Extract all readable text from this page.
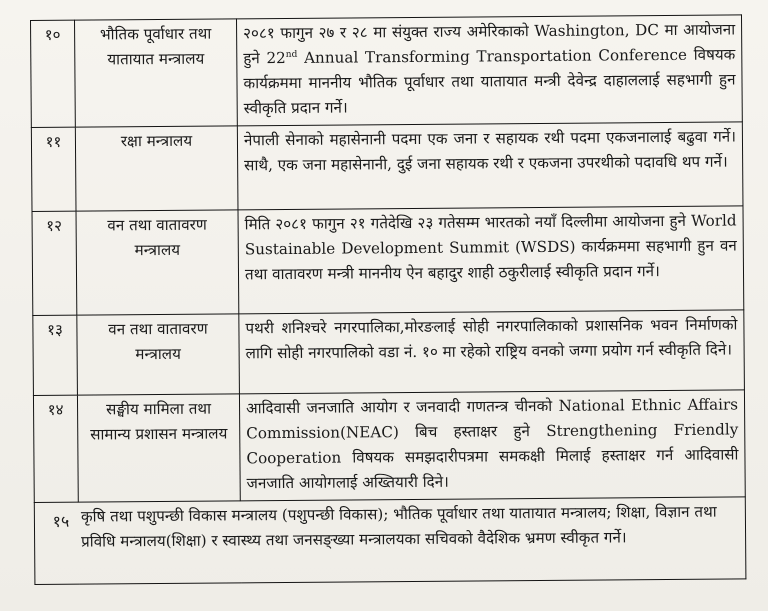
१०	भौतिक पूर्वाधार तथा यातायात मन्त्रालय	२०८१ फागुन २७ र २८ मा संयुक्त राज्य अमेरिकाको Washington, DC मा आयोजना हुने 22nd Annual Transforming Transportation Conference विषयक कार्यक्रममा माननीय भौतिक पूर्वाधार तथा यातायात मन्त्री देवेन्द्र दाहाललाई सहभागी हुन स्वीकृति प्रदान गर्ने।
११	रक्षा मन्त्रालय	नेपाली सेनाको महासेनानी पदमा एक जना र सहायक रथी पदमा एकजनालाई बढुवा गर्ने। साथै, एक जना महासेनानी, दुई जना सहायक रथी र एकजना उपरथीको पदावधि थप गर्ने।
१२	वन तथा वातावरण मन्त्रालय	मिति २०८१ फागुन २१ गतेदेखि २३ गतेसम्म भारतको नयाँ दिल्लीमा आयोजना हुने World Sustainable Development Summit (WSDS) कार्यक्रममा सहभागी हुन वन तथा वातावरण मन्त्री माननीय ऐन बहादुर शाही ठकुरीलाई स्वीकृति प्रदान गर्ने।
१३	वन तथा वातावरण मन्त्रालय	पथरी शनिश्चरे नगरपालिका,मोरङलाई सोही नगरपालिकाको प्रशासनिक भवन निर्माणको लागि सोही नगरपालिको वडा नं. १० मा रहेको राष्ट्रिय वनको जग्गा प्रयोग गर्न स्वीकृति दिने।
१४	सङ्घीय मामिला तथा सामान्य प्रशासन मन्त्रालय	आदिवासी जनजाति आयोग र जनवादी गणतन्त्र चीनको National Ethnic Affairs Commission(NEAC) बिच हस्ताक्षर हुने Strengthening Friendly Cooperation विषयक समझदारीपत्रमा समकक्षी मिलाई हस्ताक्षर गर्न आदिवासी जनजाति आयोगलाई अख्तियारी दिने।

१५ कृषि तथा पशुपन्छी विकास मन्त्रालय (पशुपन्छी विकास); भौतिक पूर्वाधार तथा यातायात मन्त्रालय; शिक्षा, विज्ञान तथा प्रविधि मन्त्रालय(शिक्षा) र स्वास्थ्य तथा जनसङ्ख्या मन्त्रालयका सचिवको वैदेशिक भ्रमण स्वीकृत गर्ने।		
